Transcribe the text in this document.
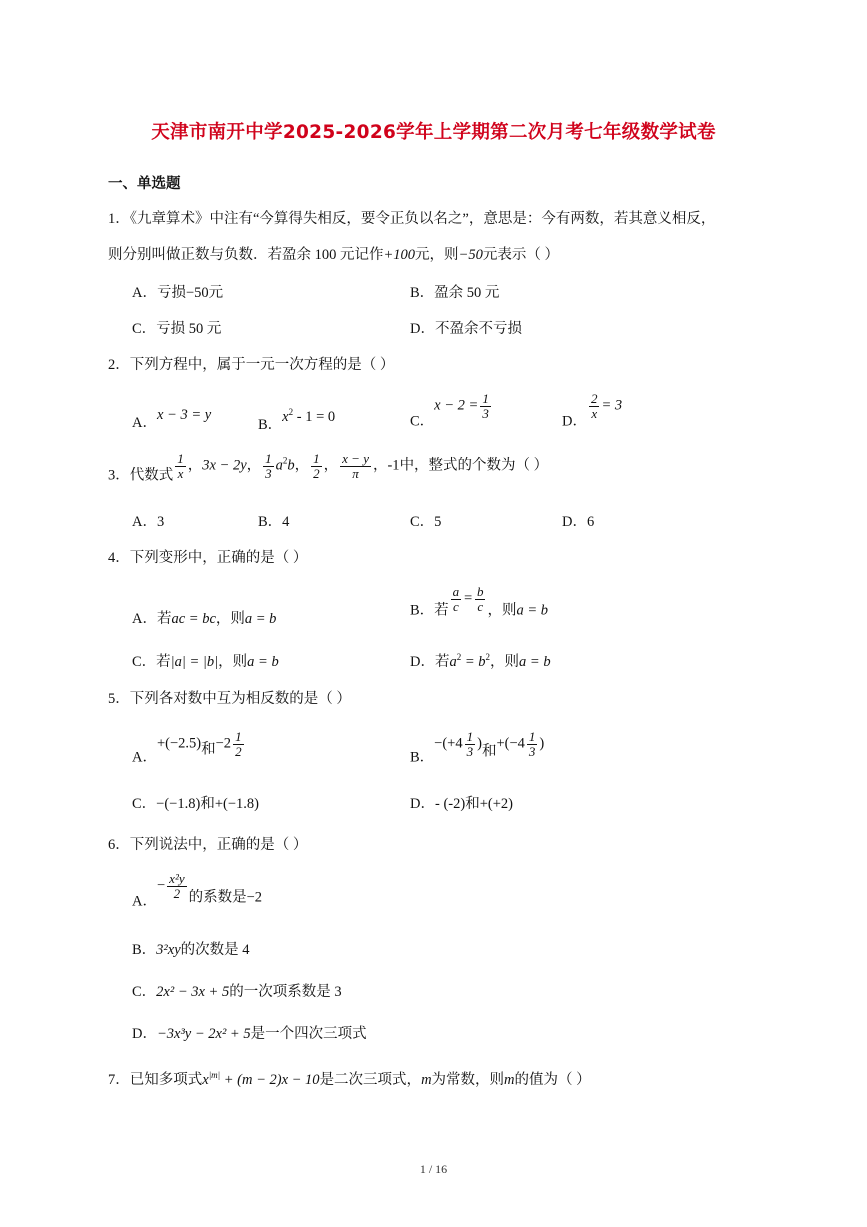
天津市南开中学2025-2026学年上学期第二次月考七年级数学试卷
一、单选题
1．《九章算术》中注有“今算得失相反，要令正负以名之”，意思是：今有两数，若其意义相反，
则分别叫做正数与负数．若盈余 100 元记作+100元，则−50元表示（ ）
A．亏损−50元	B．盈余 50 元
C．亏损 50 元	D．不盈余不亏损
2．下列方程中，属于一元一次方程的是（ ）
A．x − 3 = y
B．$x^2 - 1 = 0$	C．$x - 2 = \frac{1}{3}$
D．
$\frac{2}{x} = 3$
3．代数式 $\frac{1}{x}$ ，3x − 2y， $\frac{1}{3} a^2b$， $\frac{1}{2}$ ， $\frac{x - y}{\pi}$ ，-1中，整式的个数为（ ）
A．3	B．4	C．5	D．6
4．下列变形中，正确的是（ ）
A．若ac = bc，则a = b
B．若 $\frac{a}{c} = \frac{b}{c}$ ，则a = b
C．若|a| = |b|，则a = b	D．若$a^2 = b^2$，则a = b
5．下列各对数中互为相反数的是（ ）
A．+(−2.5)和$-2 \frac{1}{2}$	B．$-(+4 \frac{1}{3}$ )和$+(-4 \frac{1}{3}$ )
C．−(−1.8)和+(−1.8)	D．- (-2)和+(+2)
6．下列说法中，正确的是（ ）
A．− $\frac{\text{x²y}}{2}$ 的系数是−2
B．3²xy的次数是 4
C．2x² − 3x + 5的一次项系数是 3
D．−3x³y − 2x² + 5是一个四次三项式
7．已知多项式$x^{|m|} + (m - 2)x - 10$是二次三项式，m为常数，则m的值为（ ）
1 / 16
